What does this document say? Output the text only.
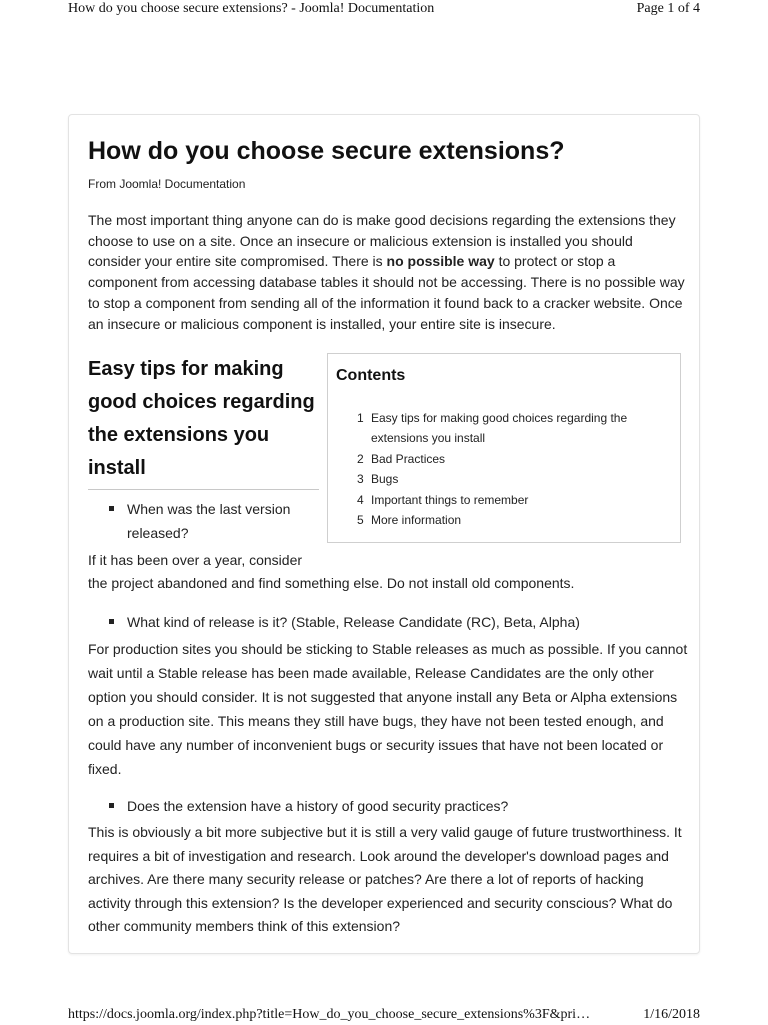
How do you choose secure extensions? - Joomla! Documentation	Page 1 of 4
How do you choose secure extensions?
From Joomla! Documentation

The most important thing anyone can do is make good decisions regarding the extensions they choose to use on a site. Once an insecure or malicious extension is installed you should consider your entire site compromised. There is no possible way to protect or stop a component from accessing database tables it should not be accessing. There is no possible way to stop a component from sending all of the information it found back to a cracker website. Once an insecure or malicious component is installed, your entire site is insecure.

Easy tips for making good choices regarding the extensions you install
Contents
1 Easy tips for making good choices regarding the extensions you install
2 Bad Practices
3 Bugs
4 Important things to remember
5 More information
When was the last version released?

If it has been over a year, consider

the project abandoned and find something else. Do not install old components.

What kind of release is it? (Stable, Release Candidate (RC), Beta, Alpha)

For production sites you should be sticking to Stable releases as much as possible. If you cannot wait until a Stable release has been made available, Release Candidates are the only other option you should consider. It is not suggested that anyone install any Beta or Alpha extensions on a production site. This means they still have bugs, they have not been tested enough, and could have any number of inconvenient bugs or security issues that have not been located or fixed.

Does the extension have a history of good security practices?

This is obviously a bit more subjective but it is still a very valid gauge of future trustworthiness. It requires a bit of investigation and research. Look around the developer's download pages and archives. Are there many security release or patches? Are there a lot of reports of hacking activity through this extension? Is the developer experienced and security conscious? What do other community members think of this extension?

https://docs.joomla.org/index.php?title=How_do_you_choose_secure_extensions%3F&pri…	1/16/2018
